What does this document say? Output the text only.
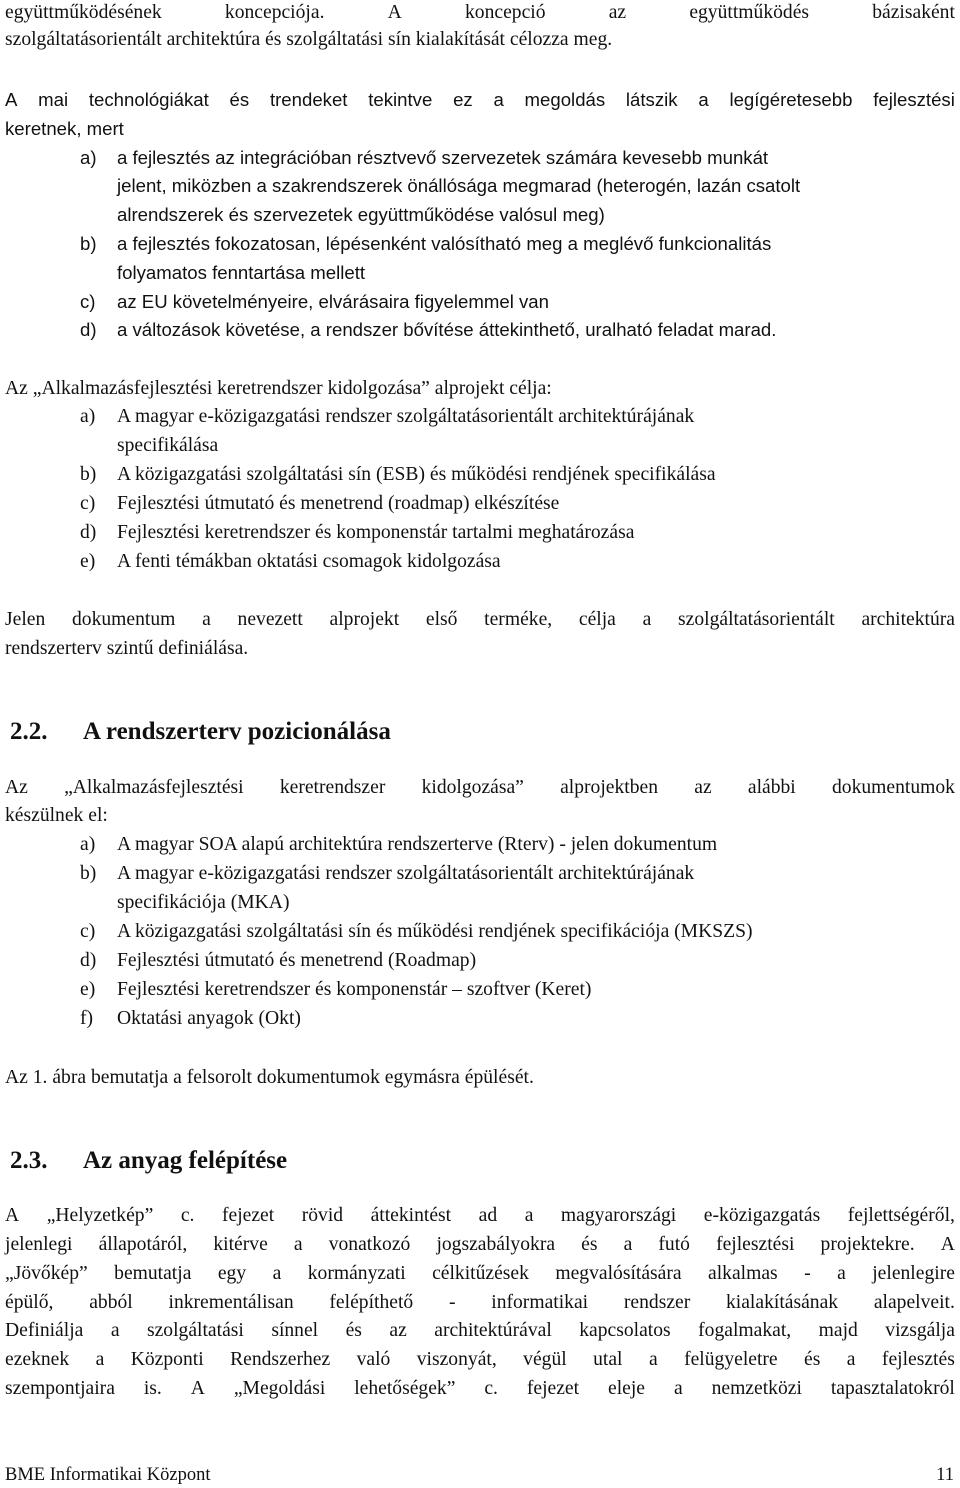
együttműködésének	koncepciója.	A	koncepció	az	együttműködés	bázisaként
szolgáltatásorientált architektúra és szolgáltatási sín kialakítását célozza meg.
A mai technológiákat és trendeket tekintve ez a megoldás látszik a legígéretesebb fejlesztési
keretnek, mert
a)	a fejlesztés az integrációban résztvevő szervezetek számára kevesebb munkát
jelent, miközben a szakrendszerek önállósága megmarad (heterogén, lazán csatolt
alrendszerek és szervezetek együttműködése valósul meg)
b)	a fejlesztés fokozatosan, lépésenként valósítható meg a meglévő funkcionalitás
folyamatos fenntartása mellett
c)	az EU követelményeire, elvárásaira figyelemmel van
d)	a változások követése, a rendszer bővítése áttekinthető, uralható feladat marad.
Az „Alkalmazásfejlesztési keretrendszer kidolgozása” alprojekt célja:
a)	A magyar e-közigazgatási rendszer szolgáltatásorientált architektúrájának
specifikálása
b)	A közigazgatási szolgáltatási sín (ESB) és működési rendjének specifikálása
c)	Fejlesztési útmutató és menetrend (roadmap) elkészítése
d)	Fejlesztési keretrendszer és komponenstár tartalmi meghatározása
e)	A fenti témákban oktatási csomagok kidolgozása
Jelen dokumentum a nevezett alprojekt első terméke, célja a szolgáltatásorientált architektúra
rendszerterv szintű definiálása.
2.2. A rendszerterv pozicionálása
Az „Alkalmazásfejlesztési keretrendszer kidolgozása” alprojektben az alábbi dokumentumok
készülnek el:
a)	A magyar SOA alapú architektúra rendszerterve (Rterv) - jelen dokumentum
b)	A magyar e-közigazgatási rendszer szolgáltatásorientált architektúrájának
specifikációja (MKA)
c)	A közigazgatási szolgáltatási sín és működési rendjének specifikációja (MKSZS)
d)	Fejlesztési útmutató és menetrend (Roadmap)
e)	Fejlesztési keretrendszer és komponenstár – szoftver (Keret)
f)	Oktatási anyagok (Okt)
Az 1. ábra bemutatja a felsorolt dokumentumok egymásra épülését.
2.3. Az anyag felépítése
A „Helyzetkép” c. fejezet rövid áttekintést ad a magyarországi e-közigazgatás fejlettségéről,
jelenlegi állapotáról, kitérve a vonatkozó jogszabályokra és a futó fejlesztési projektekre. A
„Jövőkép” bemutatja egy a kormányzati célkitűzések megvalósítására alkalmas - a jelenlegire
épülő, abból inkrementálisan felépíthető - informatikai rendszer kialakításának alapelveit.
Definiálja a szolgáltatási sínnel és az architektúrával kapcsolatos fogalmakat, majd vizsgálja
ezeknek a Központi Rendszerhez való viszonyát, végül utal a felügyeletre és a fejlesztés
szempontjaira is. A „Megoldási lehetőségek” c. fejezet eleje a nemzetközi tapasztalatokról
BME Informatikai Központ	11
